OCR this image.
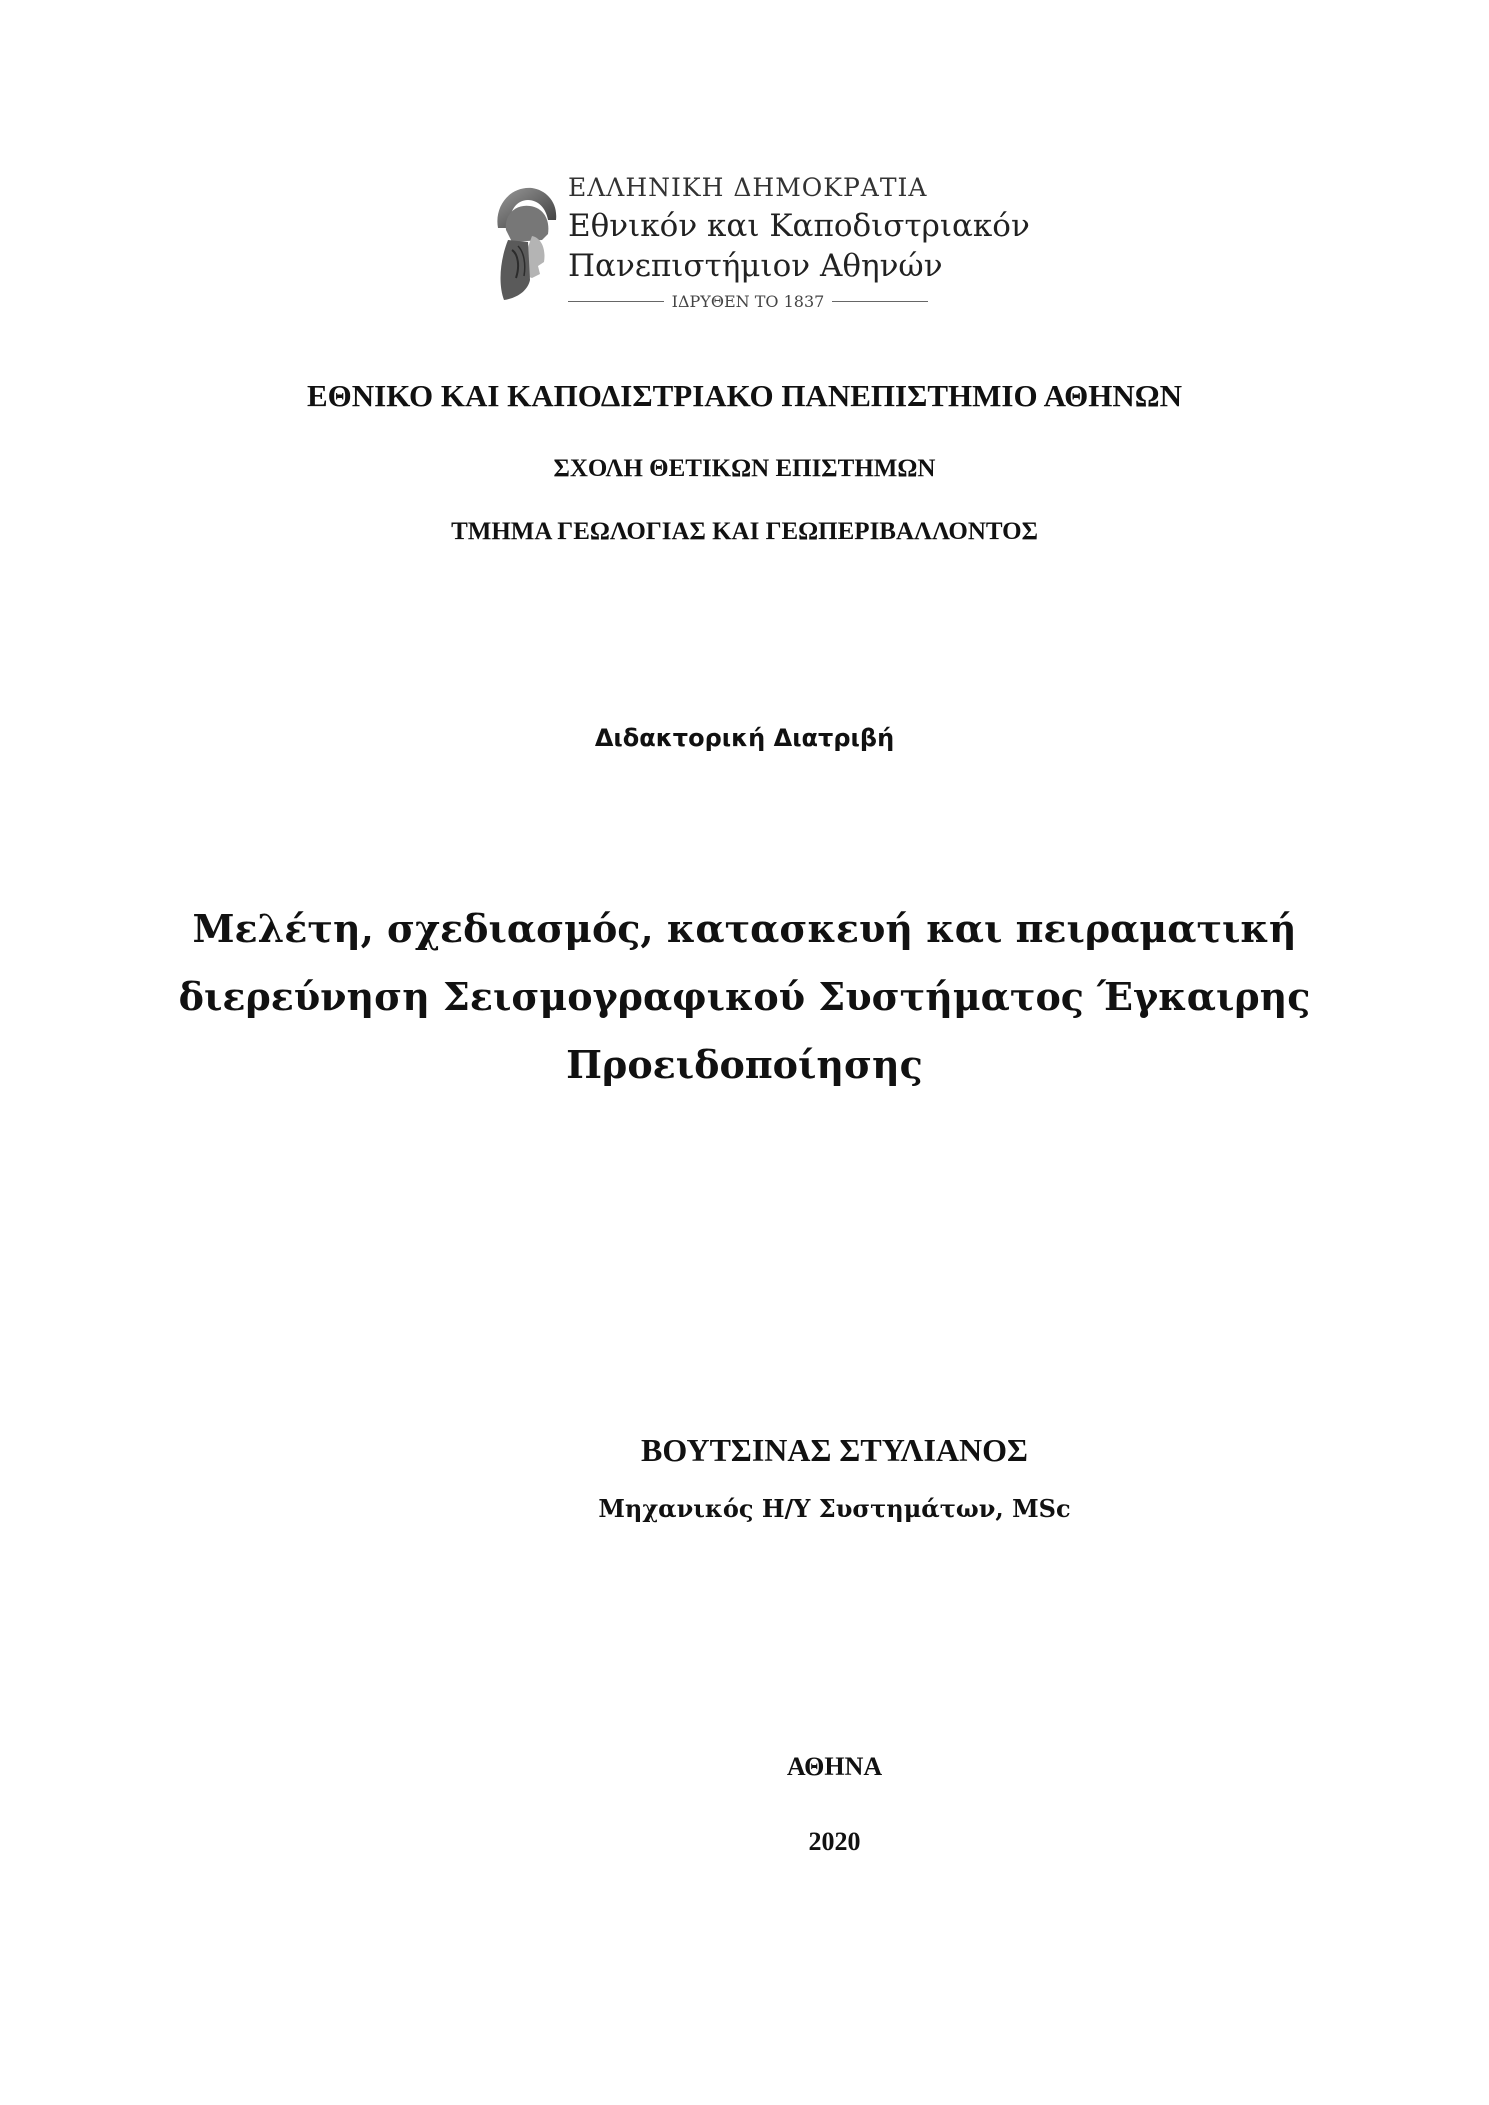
ΕΛΛΗΝΙΚΗ ΔΗΜΟΚΡΑΤΙΑ
Εθνικόν και Καποδιστριακόν
Πανεπιστήμιον Αθηνών
ΙΔΡΥΘΕΝ ΤΟ 1837
ΕΘΝΙΚΟ ΚΑΙ ΚΑΠΟΔΙΣΤΡΙΑΚΟ ΠΑΝΕΠΙΣΤΗΜΙΟ ΑΘΗΝΩΝ
ΣΧΟΛΗ ΘΕΤΙΚΩΝ ΕΠΙΣΤΗΜΩΝ
ΤΜΗΜΑ ΓΕΩΛΟΓΙΑΣ ΚΑΙ ΓΕΩΠΕΡΙΒΑΛΛΟΝΤΟΣ
Διδακτορική Διατριβή
Μελέτη, σχεδιασμός, κατασκευή και πειραματική
διερεύνηση Σεισμογραφικού Συστήματος Έγκαιρης
Προειδοποίησης
ΒΟΥΤΣΙΝΑΣ ΣΤΥΛΙΑΝΟΣ
Μηχανικός Η/Υ Συστημάτων, MSc
ΑΘΗΝΑ
2020
